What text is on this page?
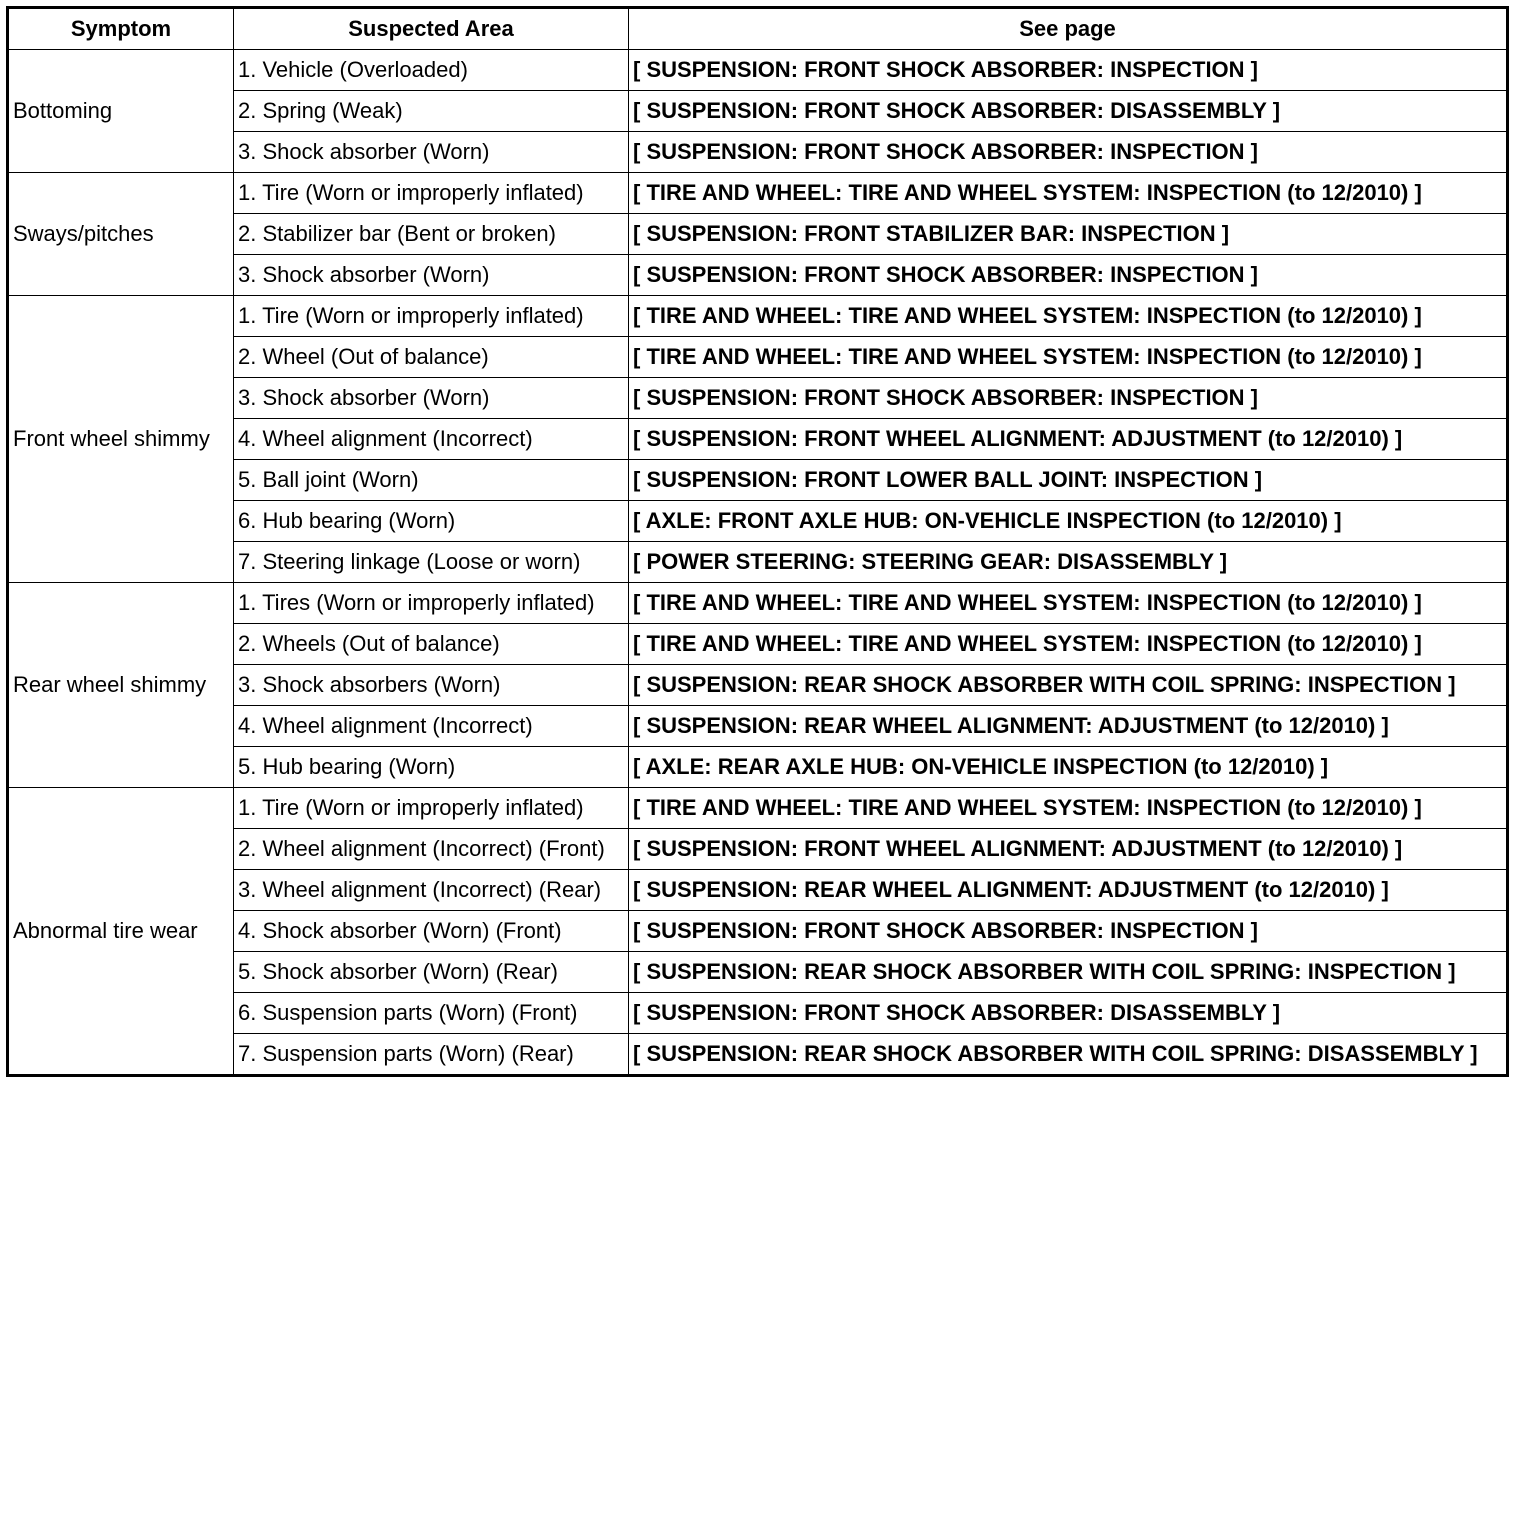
Symptom	Suspected Area	See page
Bottoming	1. Vehicle (Overloaded)	[ SUSPENSION: FRONT SHOCK ABSORBER: INSPECTION ]
	2. Spring (Weak)	[ SUSPENSION: FRONT SHOCK ABSORBER: DISASSEMBLY ]
	3. Shock absorber (Worn)	[ SUSPENSION: FRONT SHOCK ABSORBER: INSPECTION ]
Sways/pitches	1. Tire (Worn or improperly inflated)	[ TIRE AND WHEEL: TIRE AND WHEEL SYSTEM: INSPECTION (to 12/2010) ]
	2. Stabilizer bar (Bent or broken)	[ SUSPENSION: FRONT STABILIZER BAR: INSPECTION ]
	3. Shock absorber (Worn)	[ SUSPENSION: FRONT SHOCK ABSORBER: INSPECTION ]
Front wheel shimmy	1. Tire (Worn or improperly inflated)	[ TIRE AND WHEEL: TIRE AND WHEEL SYSTEM: INSPECTION (to 12/2010) ]
	2. Wheel (Out of balance)	[ TIRE AND WHEEL: TIRE AND WHEEL SYSTEM: INSPECTION (to 12/2010) ]
	3. Shock absorber (Worn)	[ SUSPENSION: FRONT SHOCK ABSORBER: INSPECTION ]
	4. Wheel alignment (Incorrect)	[ SUSPENSION: FRONT WHEEL ALIGNMENT: ADJUSTMENT (to 12/2010) ]
	5. Ball joint (Worn)	[ SUSPENSION: FRONT LOWER BALL JOINT: INSPECTION ]
	6. Hub bearing (Worn)	[ AXLE: FRONT AXLE HUB: ON-VEHICLE INSPECTION (to 12/2010) ]
	7. Steering linkage (Loose or worn)	[ POWER STEERING: STEERING GEAR: DISASSEMBLY ]
Rear wheel shimmy	1. Tires (Worn or improperly inflated)	[ TIRE AND WHEEL: TIRE AND WHEEL SYSTEM: INSPECTION (to 12/2010) ]
	2. Wheels (Out of balance)	[ TIRE AND WHEEL: TIRE AND WHEEL SYSTEM: INSPECTION (to 12/2010) ]
	3. Shock absorbers (Worn)	[ SUSPENSION: REAR SHOCK ABSORBER WITH COIL SPRING: INSPECTION ]
	4. Wheel alignment (Incorrect)	[ SUSPENSION: REAR WHEEL ALIGNMENT: ADJUSTMENT (to 12/2010) ]
	5. Hub bearing (Worn)	[ AXLE: REAR AXLE HUB: ON-VEHICLE INSPECTION (to 12/2010) ]
Abnormal tire wear	1. Tire (Worn or improperly inflated)	[ TIRE AND WHEEL: TIRE AND WHEEL SYSTEM: INSPECTION (to 12/2010) ]
	2. Wheel alignment (Incorrect) (Front)	[ SUSPENSION: FRONT WHEEL ALIGNMENT: ADJUSTMENT (to 12/2010) ]
	3. Wheel alignment (Incorrect) (Rear)	[ SUSPENSION: REAR WHEEL ALIGNMENT: ADJUSTMENT (to 12/2010) ]
	4. Shock absorber (Worn) (Front)	[ SUSPENSION: FRONT SHOCK ABSORBER: INSPECTION ]
	5. Shock absorber (Worn) (Rear)	[ SUSPENSION: REAR SHOCK ABSORBER WITH COIL SPRING: INSPECTION ]
	6. Suspension parts (Worn) (Front)	[ SUSPENSION: FRONT SHOCK ABSORBER: DISASSEMBLY ]
	7. Suspension parts (Worn) (Rear)	[ SUSPENSION: REAR SHOCK ABSORBER WITH COIL SPRING: DISASSEMBLY ]
